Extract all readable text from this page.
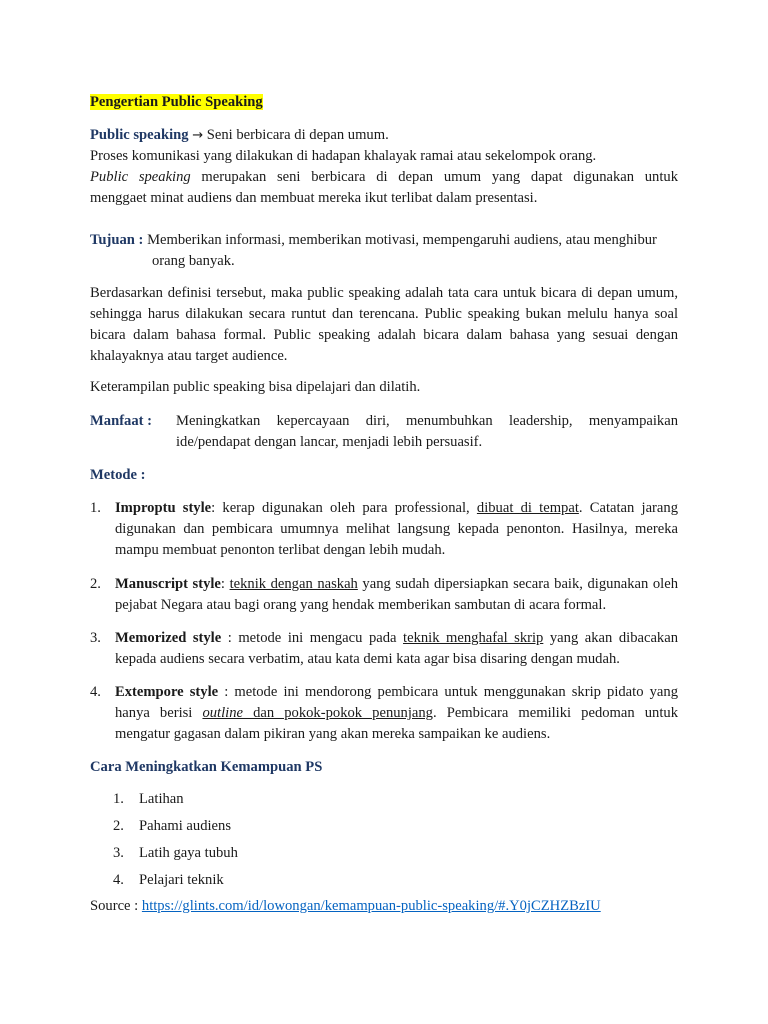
Pengertian Public Speaking
Public speaking → Seni berbicara di depan umum.
Proses komunikasi yang dilakukan di hadapan khalayak ramai atau sekelompok orang.
Public speaking merupakan seni berbicara di depan umum yang dapat digunakan untuk
menggaet minat audiens dan membuat mereka ikut terlibat dalam presentasi.
Tujuan : Memberikan informasi, memberikan motivasi, mempengaruhi audiens, atau menghibur
orang banyak.
Berdasarkan definisi tersebut, maka public speaking adalah tata cara untuk bicara di depan umum, sehingga harus dilakukan secara runtut dan terencana. Public speaking bukan melulu hanya soal bicara dalam bahasa formal. Public speaking adalah bicara dalam bahasa yang sesuai dengan khalayaknya atau target audience.
Keterampilan public speaking bisa dipelajari dan dilatih.
Manfaat :	Meningkatkan kepercayaan diri, menumbuhkan leadership, menyampaikan
ide/pendapat dengan lancar, menjadi lebih persuasif.
Metode :
1. Improptu style: kerap digunakan oleh para professional, dibuat di tempat. Catatan jarang digunakan dan pembicara umumnya melihat langsung kepada penonton. Hasilnya, mereka mampu membuat penonton terlibat dengan lebih mudah.
2. Manuscript style: teknik dengan naskah yang sudah dipersiapkan secara baik, digunakan oleh pejabat Negara atau bagi orang yang hendak memberikan sambutan di acara formal.
3. Memorized style : metode ini mengacu pada teknik menghafal skrip yang akan dibacakan kepada audiens secara verbatim, atau kata demi kata agar bisa disaring dengan mudah.
4. Extempore style : metode ini mendorong pembicara untuk menggunakan skrip pidato yang hanya berisi outline dan pokok-pokok penunjang. Pembicara memiliki pedoman untuk mengatur gagasan dalam pikiran yang akan mereka sampaikan ke audiens.
Cara Meningkatkan Kemampuan PS
1. Latihan
2. Pahami audiens
3. Latih gaya tubuh
4. Pelajari teknik
Source : https://glints.com/id/lowongan/kemampuan-public-speaking/#.Y0jCZHZBzIU
